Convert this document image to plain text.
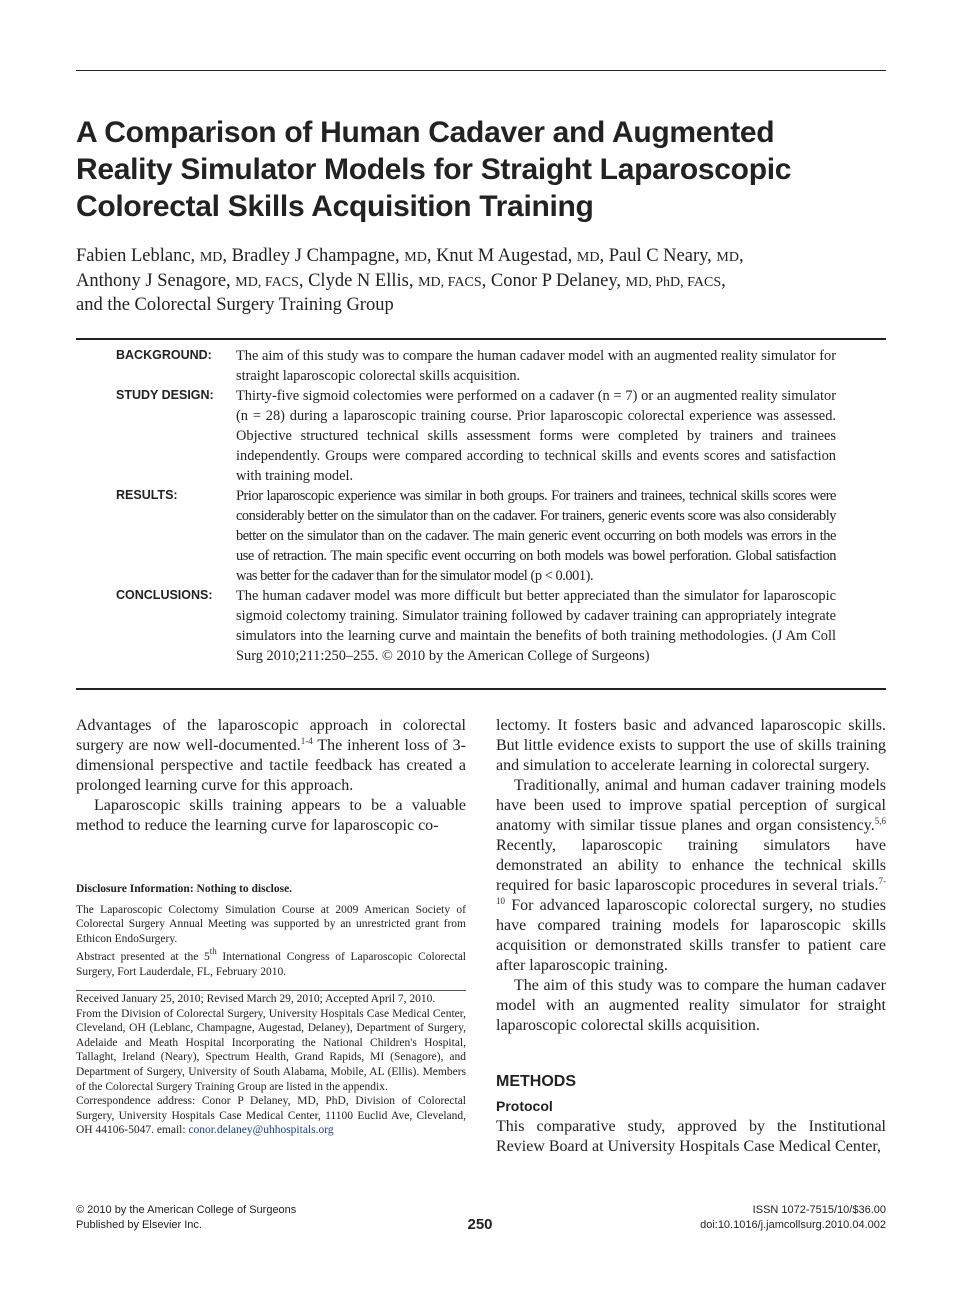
A Comparison of Human Cadaver and Augmented Reality Simulator Models for Straight Laparoscopic Colorectal Skills Acquisition Training
Fabien Leblanc, MD, Bradley J Champagne, MD, Knut M Augestad, MD, Paul C Neary, MD,
Anthony J Senagore, MD, FACS, Clyde N Ellis, MD, FACS, Conor P Delaney, MD, PhD, FACS,
and the Colorectal Surgery Training Group
BACKGROUND: The aim of this study was to compare the human cadaver model with an augmented reality simulator for straight laparoscopic colorectal skills acquisition.
STUDY DESIGN: Thirty-five sigmoid colectomies were performed on a cadaver (n = 7) or an augmented reality simulator (n = 28) during a laparoscopic training course. Prior laparoscopic colorectal experience was assessed. Objective structured technical skills assessment forms were completed by trainers and trainees independently. Groups were compared according to technical skills and events scores and satisfaction with training model.
RESULTS:	Prior laparoscopic experience was similar in both groups. For trainers and trainees, technical skills scores were considerably better on the simulator than on the cadaver. For trainers, generic events score was also considerably better on the simulator than on the cadaver. The main generic event occurring on both models was errors in the use of retraction. The main specific event occurring on both models was bowel perforation. Global satisfaction was better for the cadaver than for the simulator model (p < 0.001).
CONCLUSIONS: The human cadaver model was more difficult but better appreciated than the simulator for laparoscopic sigmoid colectomy training. Simulator training followed by cadaver training can appropriately integrate simulators into the learning curve and maintain the benefits of both training methodologies. (J Am Coll Surg 2010;211:250–255. © 2010 by the American College of Surgeons)

Advantages of the laparoscopic approach in colorectal surgery are now well-documented.$^{1-4}$ The inherent loss of 3-dimensional perspective and tactile feedback has created a prolonged learning curve for this approach.

Laparoscopic skills training appears to be a valuable method to reduce the learning curve for laparoscopic co-

Disclosure Information: Nothing to disclose.

The Laparoscopic Colectomy Simulation Course at 2009 American Society of Colorectal Surgery Annual Meeting was supported by an unrestricted grant from Ethicon EndoSurgery.

Abstract presented at the 5th International Congress of Laparoscopic Colorectal Surgery, Fort Lauderdale, FL, February 2010.

Received January 25, 2010; Revised March 29, 2010; Accepted April 7, 2010.

From the Division of Colorectal Surgery, University Hospitals Case Medical Center, Cleveland, OH (Leblanc, Champagne, Augestad, Delaney), Department of Surgery, Adelaide and Meath Hospital Incorporating the National Children's Hospital, Tallaght, Ireland (Neary), Spectrum Health, Grand Rapids, MI (Senagore), and Department of Surgery, University of South Alabama, Mobile, AL (Ellis). Members of the Colorectal Surgery Training Group are listed in the appendix.

Correspondence address: Conor P Delaney, MD, PhD, Division of Colorectal Surgery, University Hospitals Case Medical Center, 11100 Euclid Ave, Cleveland, OH 44106-5047. email: conor.delaney@uhhospitals.org

lectomy. It fosters basic and advanced laparoscopic skills. But little evidence exists to support the use of skills training and simulation to accelerate learning in colorectal surgery.

Traditionally, animal and human cadaver training models have been used to improve spatial perception of surgical anatomy with similar tissue planes and organ consistency.$^{5,6}$ Recently, laparoscopic training simulators have demonstrated an ability to enhance the technical skills required for basic laparoscopic procedures in several trials.$^{7-10}$ For advanced laparoscopic colorectal surgery, no studies have compared training models for laparoscopic skills acquisition or demonstrated skills transfer to patient care after laparoscopic training.

The aim of this study was to compare the human cadaver model with an augmented reality simulator for straight laparoscopic colorectal skills acquisition.

METHODS
Protocol
This comparative study, approved by the Institutional Review Board at University Hospitals Case Medical Center,
© 2010 by the American College of Surgeons
Published by Elsevier Inc.	250
ISSN 1072-7515/10/$36.00
doi:10.1016/j.jamcollsurg.2010.04.002
